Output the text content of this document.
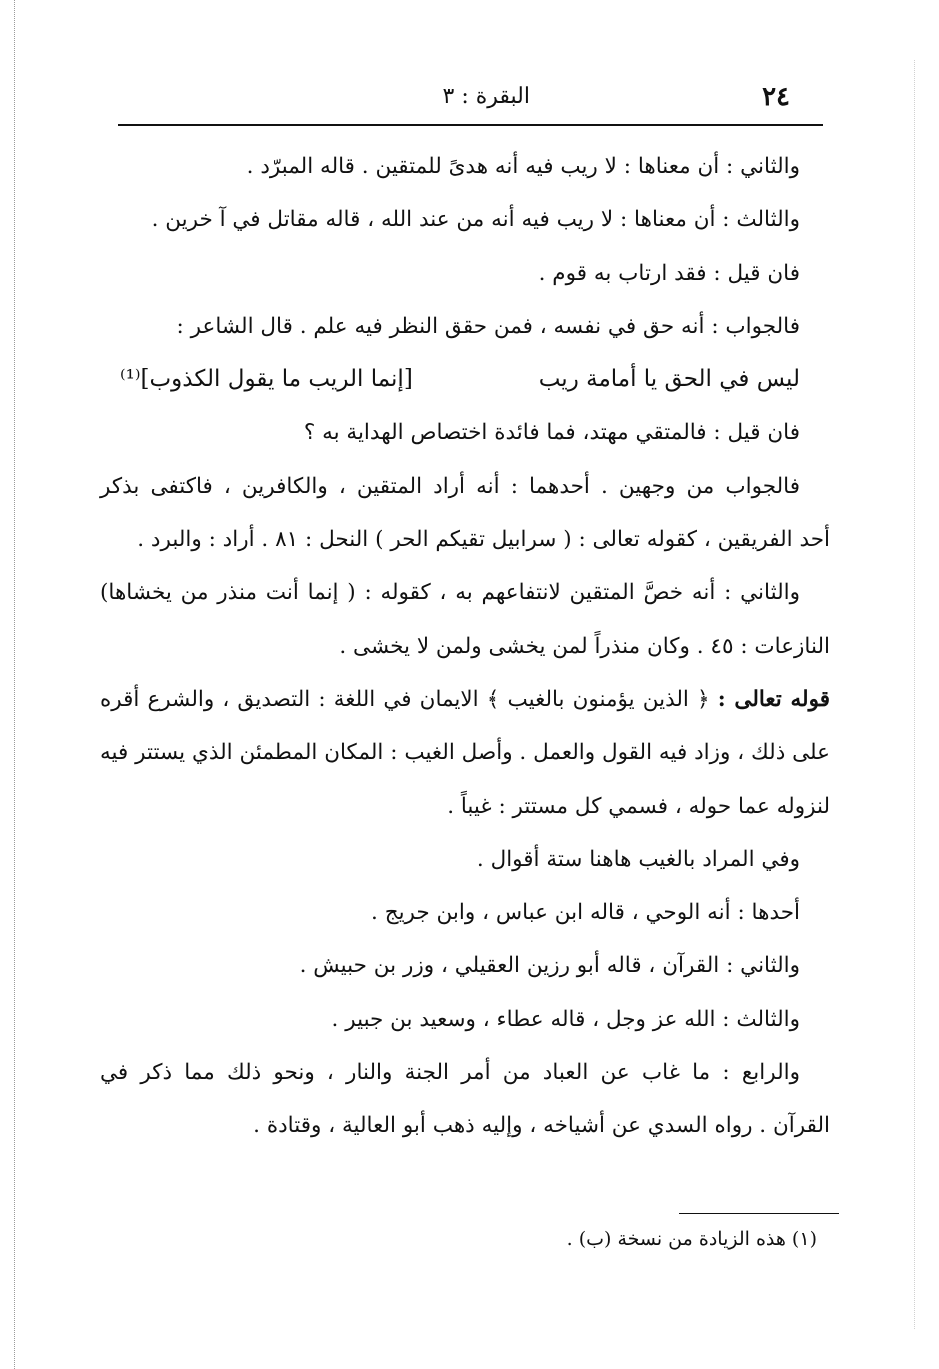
٢٤
البقرة : ٣
والثاني : أن معناها : لا ريب فيه أنه هدىً للمتقين . قاله المبرّد .
والثالث : أن معناها : لا ريب فيه أنه من عند الله ، قاله مقاتل في آ خرين .
فان قيل : فقد ارتاب به قوم .
فالجواب : أنه حق في نفسه ، فمن حقق النظر فيه علم . قال الشاعر :
ليس في الحق يا أمامة ريب
[إنما الريب ما يقول الكذوب]⁽¹⁾
فان قيل : فالمتقي مهتد، فما فائدة اختصاص الهداية به ؟
فالجواب من وجهين . أحدهما : أنه أراد المتقين ، والكافرين ، فاكتفى بذكر
أحد الفريقين ، كقوله تعالى : ( سرابيل تقيكم الحر ) النحل : ٨١ . أراد : والبرد .
والثاني : أنه خصَّ المتقين لانتفاعهم به ، كقوله : ( إنما أنت منذر من يخشاها)
النازعات : ٤٥ . وكان منذراً لمن يخشى ولمن لا يخشى .
قوله تعالى : ﴿ الذين يؤمنون بالغيب ﴾ الايمان في اللغة : التصديق ، والشرع أقره
على ذلك ، وزاد فيه القول والعمل . وأصل الغيب : المكان المطمئن الذي يستتر فيه
لنزوله عما حوله ، فسمي كل مستتر : غيباً .
وفي المراد بالغيب هاهنا ستة أقوال .
أحدها : أنه الوحي ، قاله ابن عباس ، وابن جريج .
والثاني : القرآن ، قاله أبو رزين العقيلي ، وزر بن حبيش .
والثالث : الله عز وجل ، قاله عطاء ، وسعيد بن جبير .
والرابع : ما غاب عن العباد من أمر الجنة والنار ، ونحو ذلك مما ذكر في
القرآن . رواه السدي عن أشياخه ، وإليه ذهب أبو العالية ، وقتادة .
(١) هذه الزيادة من نسخة (ب) .
